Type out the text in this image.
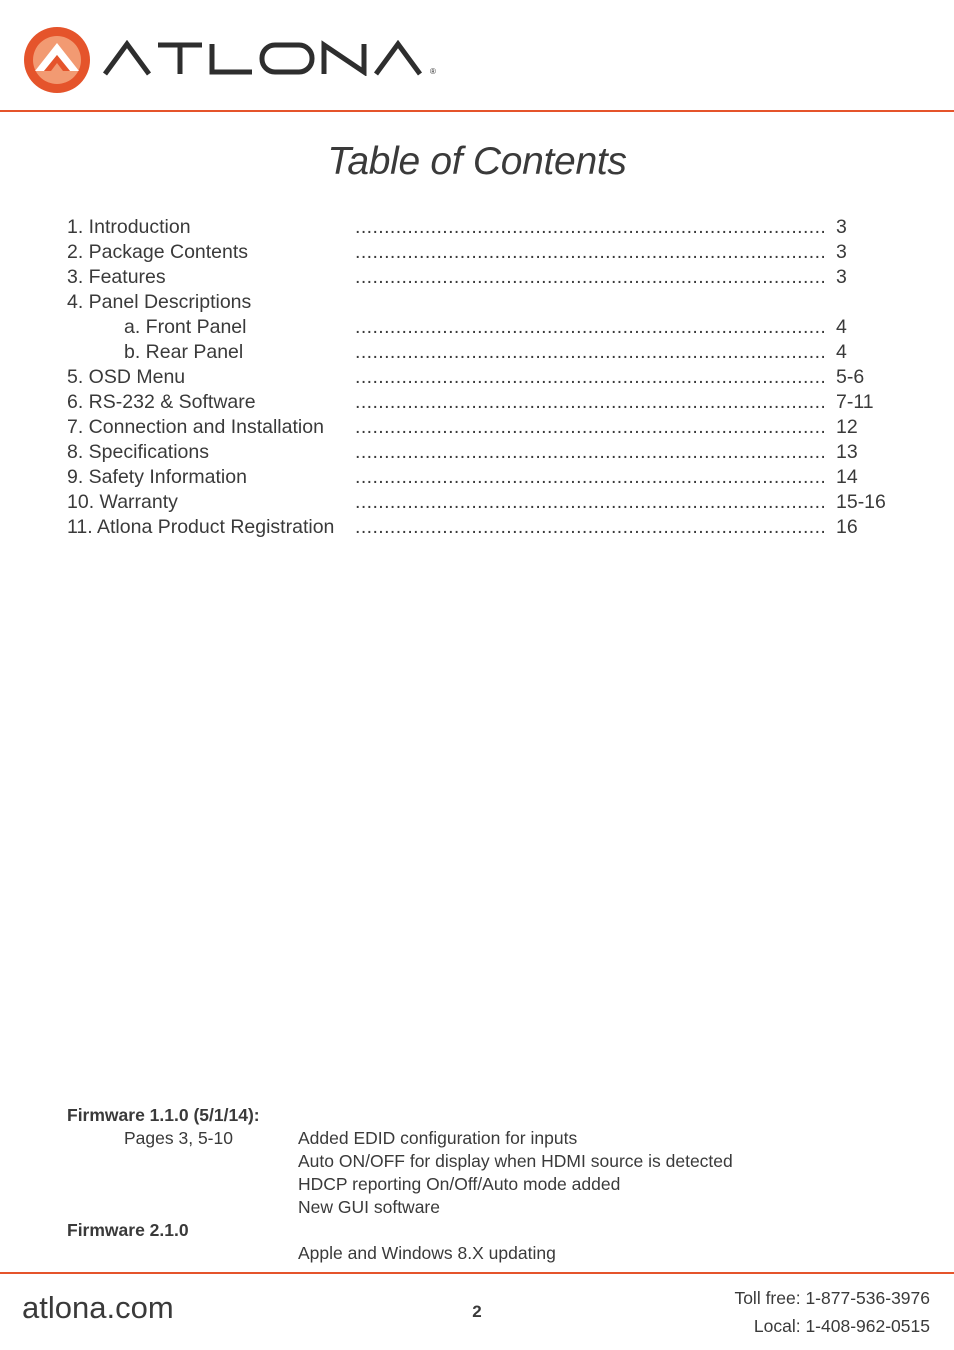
®
Table of Contents
1. Introduction	................................................................................. 3
2. Package Contents	................................................................................. 3
3. Features	................................................................................. 3
4. Panel Descriptions
a. Front Panel	................................................................................. 4
b. Rear Panel	................................................................................. 4
5. OSD Menu	................................................................................. 5-6
6. RS-232 & Software	................................................................................. 7-11
7. Connection and Installation ................................................................................. 12
8. Specifications	................................................................................. 13
9. Safety Information	................................................................................. 14
10. Warranty	................................................................................. 15-16
11. Atlona Product Registration ................................................................................. 16
Firmware 1.1.0 (5/1/14):
Pages 3, 5-10	Added EDID configuration for inputs
Auto ON/OFF for display when HDMI source is detected
HDCP reporting On/Off/Auto mode added
New GUI software
Firmware 2.1.0
Apple and Windows 8.X updating
atlona.com	2
Toll free: 1-877-536-3976
Local: 1-408-962-0515
